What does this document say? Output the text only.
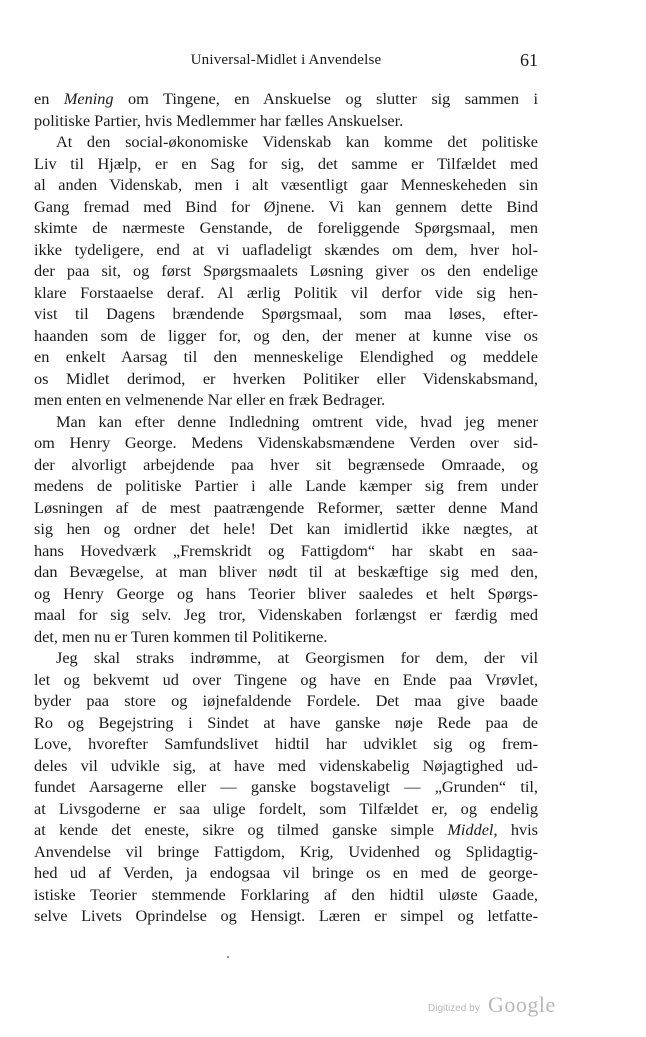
Universal-Midlet i Anvendelse	61

en Mening om Tingene, en Anskuelse og slutter sig sammen i
politiske Partier, hvis Medlemmer har fælles Anskuelser.

At den social-økonomiske Videnskab kan komme det politiske
Liv til Hjælp, er en Sag for sig, det samme er Tilfældet med
al anden Videnskab, men i alt væsentligt gaar Menneskeheden sin
Gang fremad med Bind for Øjnene. Vi kan gennem dette Bind
skimte de nærmeste Genstande, de foreliggende Spørgsmaal, men
ikke tydeligere, end at vi uafladeligt skændes om dem, hver hol-
der paa sit, og først Spørgsmaalets Løsning giver os den endelige
klare Forstaaelse deraf. Al ærlig Politik vil derfor vide sig hen-
vist til Dagens brændende Spørgsmaal, som maa løses, efter-
haanden som de ligger for, og den, der mener at kunne vise os
en enkelt Aarsag til den menneskelige Elendighed og meddele
os Midlet derimod, er hverken Politiker eller Videnskabsmand,
men enten en velmenende Nar eller en fræk Bedrager.

Man kan efter denne Indledning omtrent vide, hvad jeg mener
om Henry George. Medens Videnskabsmændene Verden over sid-
der alvorligt arbejdende paa hver sit begrænsede Omraade, og
medens de politiske Partier i alle Lande kæmper sig frem under
Løsningen af de mest paatrængende Reformer, sætter denne Mand
sig hen og ordner det hele! Det kan imidlertid ikke nægtes, at
hans Hovedværk „Fremskridt og Fattigdom“ har skabt en saa-
dan Bevægelse, at man bliver nødt til at beskæftige sig med den,
og Henry George og hans Teorier bliver saaledes et helt Spørgs-
maal for sig selv. Jeg tror, Videnskaben forlængst er færdig med
det, men nu er Turen kommen til Politikerne.

Jeg skal straks indrømme, at Georgismen for dem, der vil
let og bekvemt ud over Tingene og have en Ende paa Vrøvlet,
byder paa store og iøjnefaldende Fordele. Det maa give baade
Ro og Begejstring i Sindet at have ganske nøje Rede paa de
Love, hvorefter Samfundslivet hidtil har udviklet sig og frem-
deles vil udvikle sig, at have med videnskabelig Nøjagtighed ud-
fundet Aarsagerne eller — ganske bogstaveligt — „Grunden“ til,
at Livsgoderne er saa ulige fordelt, som Tilfældet er, og endelig
at kende det eneste, sikre og tilmed ganske simple Middel, hvis
Anvendelse vil bringe Fattigdom, Krig, Uvidenhed og Splidagtig-
hed ud af Verden, ja endogsaa vil bringe os en med de george-
istiske Teorier stemmende Forklaring af den hidtil uløste Gaade,
selve Livets Oprindelse og Hensigt. Læren er simpel og letfatte-

Digitized by Google
